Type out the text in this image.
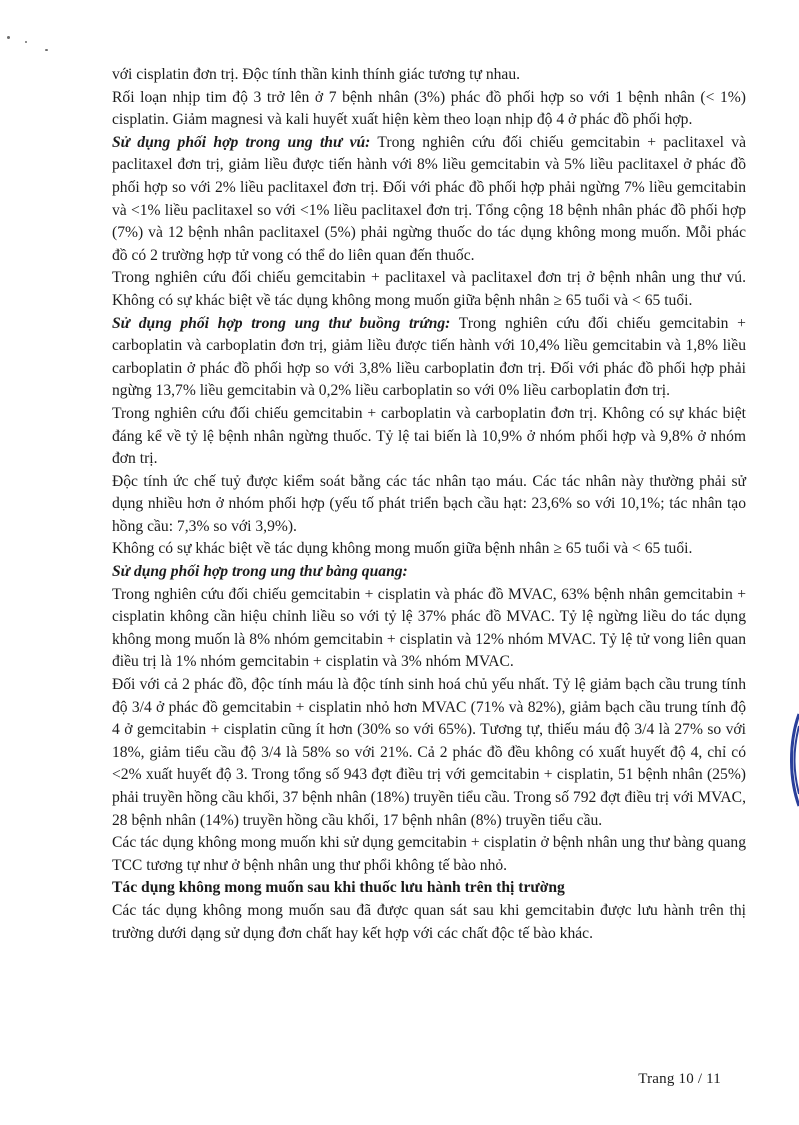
với cisplatin đơn trị. Độc tính thần kinh thính giác tương tự nhau.

Rối loạn nhịp tim độ 3 trở lên ở 7 bệnh nhân (3%) phác đồ phối hợp so với 1 bệnh nhân (< 1%) cisplatin. Giảm magnesi và kali huyết xuất hiện kèm theo loạn nhịp độ 4 ở phác đồ phối hợp.

Sử dụng phối hợp trong ung thư vú: Trong nghiên cứu đối chiếu gemcitabin + paclitaxel và paclitaxel đơn trị, giảm liều được tiến hành với 8% liều gemcitabin và 5% liều paclitaxel ở phác đồ phối hợp so với 2% liều paclitaxel đơn trị. Đối với phác đồ phối hợp phải ngừng 7% liều gemcitabin và <1% liều paclitaxel so với <1% liều paclitaxel đơn trị. Tổng cộng 18 bệnh nhân phác đồ phối hợp (7%) và 12 bệnh nhân paclitaxel (5%) phải ngừng thuốc do tác dụng không mong muốn. Mỗi phác đồ có 2 trường hợp tử vong có thể do liên quan đến thuốc.

Trong nghiên cứu đối chiếu gemcitabin + paclitaxel và paclitaxel đơn trị ở bệnh nhân ung thư vú. Không có sự khác biệt về tác dụng không mong muốn giữa bệnh nhân ≥ 65 tuổi và < 65 tuổi.

Sử dụng phối hợp trong ung thư buồng trứng: Trong nghiên cứu đối chiếu gemcitabin + carboplatin và carboplatin đơn trị, giảm liều được tiến hành với 10,4% liều gemcitabin và 1,8% liều carboplatin ở phác đồ phối hợp so với 3,8% liều carboplatin đơn trị. Đối với phác đồ phối hợp phải ngừng 13,7% liều gemcitabin và 0,2% liều carboplatin so với 0% liều carboplatin đơn trị.

Trong nghiên cứu đối chiếu gemcitabin + carboplatin và carboplatin đơn trị. Không có sự khác biệt đáng kể về tỷ lệ bệnh nhân ngừng thuốc. Tỷ lệ tai biến là 10,9% ở nhóm phối hợp và 9,8% ở nhóm đơn trị.

Độc tính ức chế tuỷ được kiểm soát bằng các tác nhân tạo máu. Các tác nhân này thường phải sử dụng nhiều hơn ở nhóm phối hợp (yếu tố phát triển bạch cầu hạt: 23,6% so với 10,1%; tác nhân tạo hồng cầu: 7,3% so với 3,9%).

Không có sự khác biệt về tác dụng không mong muốn giữa bệnh nhân ≥ 65 tuổi và < 65 tuổi.

Sử dụng phối hợp trong ung thư bàng quang:

Trong nghiên cứu đối chiếu gemcitabin + cisplatin và phác đồ MVAC, 63% bệnh nhân gemcitabin + cisplatin không cần hiệu chỉnh liều so với tỷ lệ 37% phác đồ MVAC. Tỷ lệ ngừng liều do tác dụng không mong muốn là 8% nhóm gemcitabin + cisplatin và 12% nhóm MVAC. Tỷ lệ tử vong liên quan điều trị là 1% nhóm gemcitabin + cisplatin và 3% nhóm MVAC.

Đối với cả 2 phác đồ, độc tính máu là độc tính sinh hoá chủ yếu nhất. Tỷ lệ giảm bạch cầu trung tính độ 3/4 ở phác đồ gemcitabin + cisplatin nhỏ hơn MVAC (71% và 82%), giảm bạch cầu trung tính độ 4 ở gemcitabin + cisplatin cũng ít hơn (30% so với 65%). Tương tự, thiếu máu độ 3/4 là 27% so với 18%, giảm tiểu cầu độ 3/4 là 58% so với 21%. Cả 2 phác đồ đều không có xuất huyết độ 4, chỉ có <2% xuất huyết độ 3. Trong tổng số 943 đợt điều trị với gemcitabin + cisplatin, 51 bệnh nhân (25%) phải truyền hồng cầu khối, 37 bệnh nhân (18%) truyền tiểu cầu. Trong số 792 đợt điều trị với MVAC, 28 bệnh nhân (14%) truyền hồng cầu khối, 17 bệnh nhân (8%) truyền tiểu cầu.

Các tác dụng không mong muốn khi sử dụng gemcitabin + cisplatin ở bệnh nhân ung thư bàng quang TCC tương tự như ở bệnh nhân ung thư phổi không tế bào nhỏ.

Tác dụng không mong muốn sau khi thuốc lưu hành trên thị trường

Các tác dụng không mong muốn sau đã được quan sát sau khi gemcitabin được lưu hành trên thị trường dưới dạng sử dụng đơn chất hay kết hợp với các chất độc tế bào khác.

Trang 10 / 11
